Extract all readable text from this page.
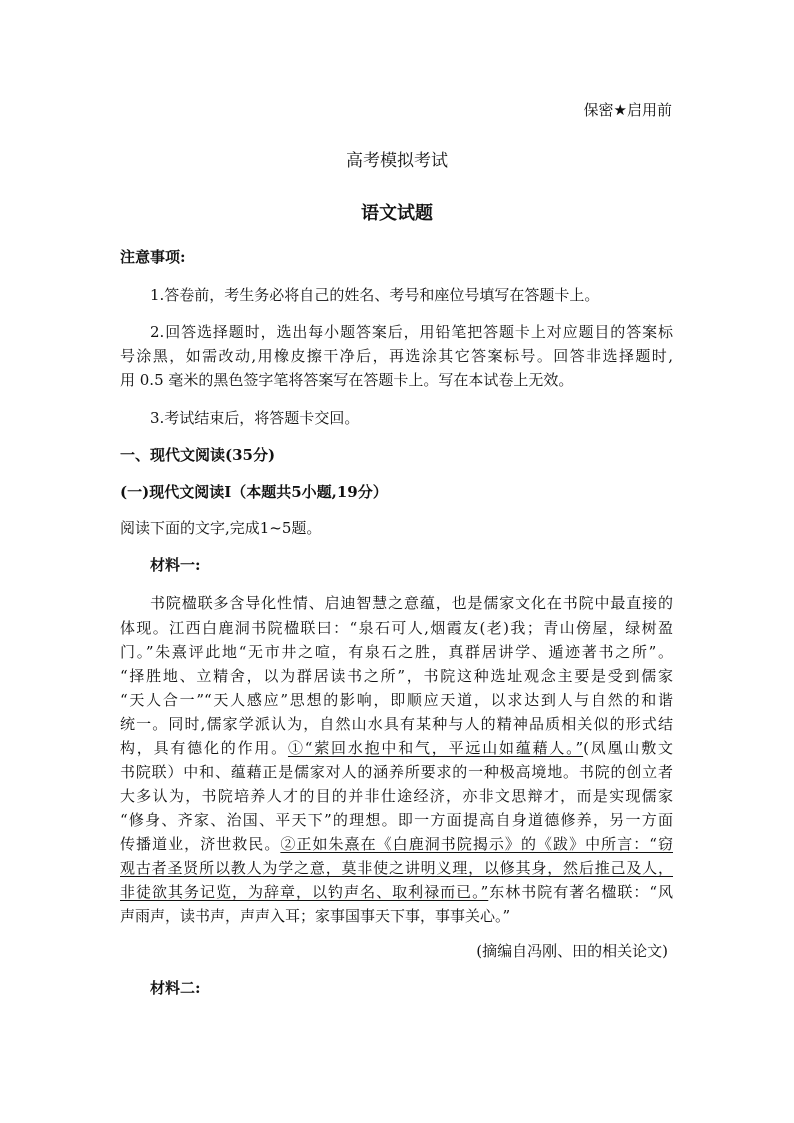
保密★启用前
高考模拟考试
语文试题
注意事项:
1.答卷前，考生务必将自己的姓名、考号和座位号填写在答题卡上。
2.回答选择题时，选出每小题答案后，用铅笔把答题卡上对应题目的答案标
号涂黑，如需改动,用橡皮擦干净后，再选涂其它答案标号。回答非选择题时,
用 0.5 毫米的黑色签字笔将答案写在答题卡上。写在本试卷上无效。
3.考试结束后，将答题卡交回。
一、现代文阅读(35分)
(一)现代文阅读Ⅰ（本题共5小题,19分）
阅读下面的文字,完成1~5题。
材料一:
书院楹联多含导化性情、启迪智慧之意蕴，也是儒家文化在书院中最直接的
体现。江西白鹿洞书院楹联曰：“泉石可人,烟霞友(老)我；青山傍屋，绿树盈
门。”朱熹评此地“无市井之喧，有泉石之胜，真群居讲学、遁迹著书之所”。
“择胜地、立精舍，以为群居读书之所”，书院这种选址观念主要是受到儒家
“天人合一”“天人感应”思想的影响，即顺应天道，以求达到人与自然的和谐
统一。同时,儒家学派认为，自然山水具有某种与人的精神品质相关似的形式结
构，具有德化的作用。①“萦回水抱中和气，平远山如蕴藉人。”(凤凰山敷文
书院联）中和、蕴藉正是儒家对人的涵养所要求的一种极高境地。书院的创立者
大多认为，书院培养人才的目的并非仕途经济，亦非文思辩才，而是实现儒家
“修身、齐家、治国、平天下”的理想。即一方面提高自身道德修养，另一方面
传播道业，济世救民。②正如朱熹在《白鹿洞书院揭示》的《跋》中所言：“窃
观古者圣贤所以教人为学之意，莫非使之讲明义理，以修其身，然后推己及人，
非徒欲其务记览，为辞章，以钓声名、取利禄而已。”东林书院有著名楹联：“风
声雨声，读书声，声声入耳；家事国事天下事，事事关心。”
(摘编自冯刚、田的相关论文)
材料二:
